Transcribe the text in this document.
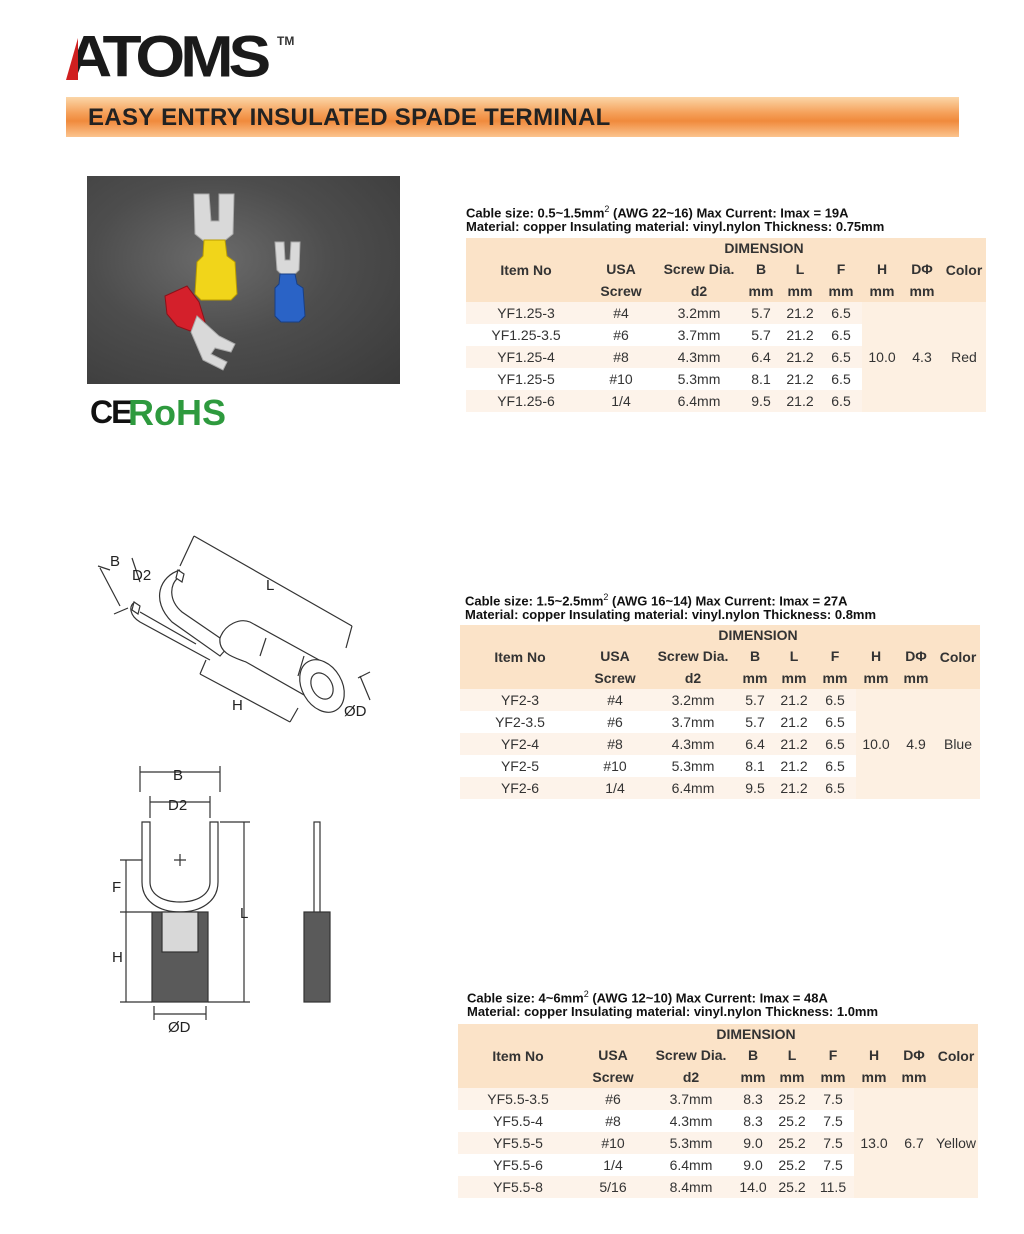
ATOMS TM
EASY ENTRY INSULATED SPADE TERMINAL
CE
RoHS
B
D2
L
H	ØD
B
D2
F
H
L
ØD
Cable size: $0.5\sim 1.5mm^2$ (AWG 22~16) Max Current: Imax = 19A
Material: copper Insulating material: vinyl.nylon Thickness: 0.75mm
Item No	DIMENSION							Color
	USA	Screw Dia.	B	L	F	H	DΦ	
	Screw	d2	mm	mm	mm	mm	mm	
YF1.25-3	#4	3.2mm	5.7	21.2	6.5	10.0	4.3	Red
YF1.25-3.5	#6	3.7mm	5.7	21.2	6.5			
YF1.25-4	#8	4.3mm	6.4	21.2	6.5			
YF1.25-5	#10	5.3mm	8.1	21.2	6.5			
YF1.25-6	1/4	6.4mm	9.5	21.2	6.5			
Cable size: $1.5\sim 2.5mm^2$ (AWG 16~14) Max Current: Imax = 27A
Material: copper Insulating material: vinyl.nylon Thickness: 0.8mm
Item No	DIMENSION							Color
	USA	Screw Dia.	B	L	F	H	DΦ	
	Screw	d2	mm	mm	mm	mm	mm	
YF2-3	#4	3.2mm	5.7	21.2	6.5	10.0	4.9	Blue
YF2-3.5	#6	3.7mm	5.7	21.2	6.5			
YF2-4	#8	4.3mm	6.4	21.2	6.5			
YF2-5	#10	5.3mm	8.1	21.2	6.5			
YF2-6	1/4	6.4mm	9.5	21.2	6.5			
Cable size: $4\sim 6mm^2$ (AWG 12~10) Max Current: Imax = 48A
Material: copper Insulating material: vinyl.nylon Thickness: 1.0mm
Item No	DIMENSION							Color
	USA	Screw Dia.	B	L	F	H	DΦ	
	Screw	d2	mm	mm	mm	mm	mm	
YF5.5-3.5	#6	3.7mm	8.3	25.2	7.5	13.0	6.7	Yellow
YF5.5-4	#8	4.3mm	8.3	25.2	7.5			
YF5.5-5	#10	5.3mm	9.0	25.2	7.5			
YF5.5-6	1/4	6.4mm	9.0	25.2	7.5			
YF5.5-8	5/16	8.4mm	14.0	25.2	11.5			
